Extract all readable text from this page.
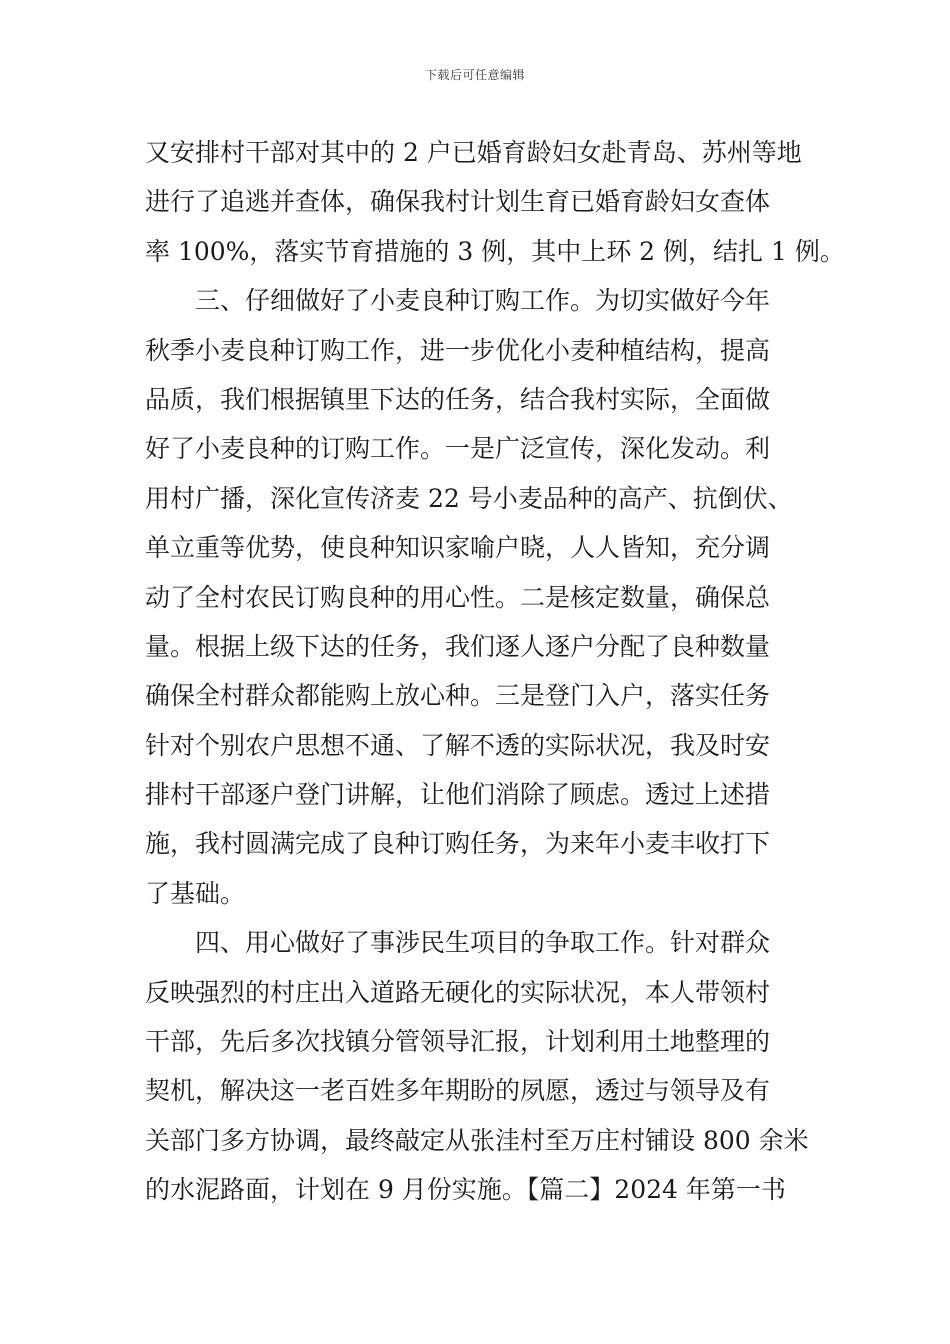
下载后可任意编辑
又安排村干部对其中的 2 户已婚育龄妇女赴青岛、苏州等地
进行了追逃并查体，确保我村计划生育已婚育龄妇女查体
率 100%，落实节育措施的 3 例，其中上环 2 例，结扎 1 例。
　　三、仔细做好了小麦良种订购工作。为切实做好今年
秋季小麦良种订购工作，进一步优化小麦种植结构，提高
品质，我们根据镇里下达的任务，结合我村实际，全面做
好了小麦良种的订购工作。一是广泛宣传，深化发动。利
用村广播，深化宣传济麦 22 号小麦品种的高产、抗倒伏、
单立重等优势，使良种知识家喻户晓，人人皆知，充分调
动了全村农民订购良种的用心性。二是核定数量，确保总
量。根据上级下达的任务，我们逐人逐户分配了良种数量
确保全村群众都能购上放心种。三是登门入户，落实任务
针对个别农户思想不通、了解不透的实际状况，我及时安
排村干部逐户登门讲解，让他们消除了顾虑。透过上述措
施，我村圆满完成了良种订购任务，为来年小麦丰收打下
了基础。
　　四、用心做好了事涉民生项目的争取工作。针对群众
反映强烈的村庄出入道路无硬化的实际状况，本人带领村
干部，先后多次找镇分管领导汇报，计划利用土地整理的
契机，解决这一老百姓多年期盼的夙愿，透过与领导及有
关部门多方协调，最终敲定从张洼村至万庄村铺设 800 余米
的水泥路面，计划在 9 月份实施。【篇二】2024 年第一书
